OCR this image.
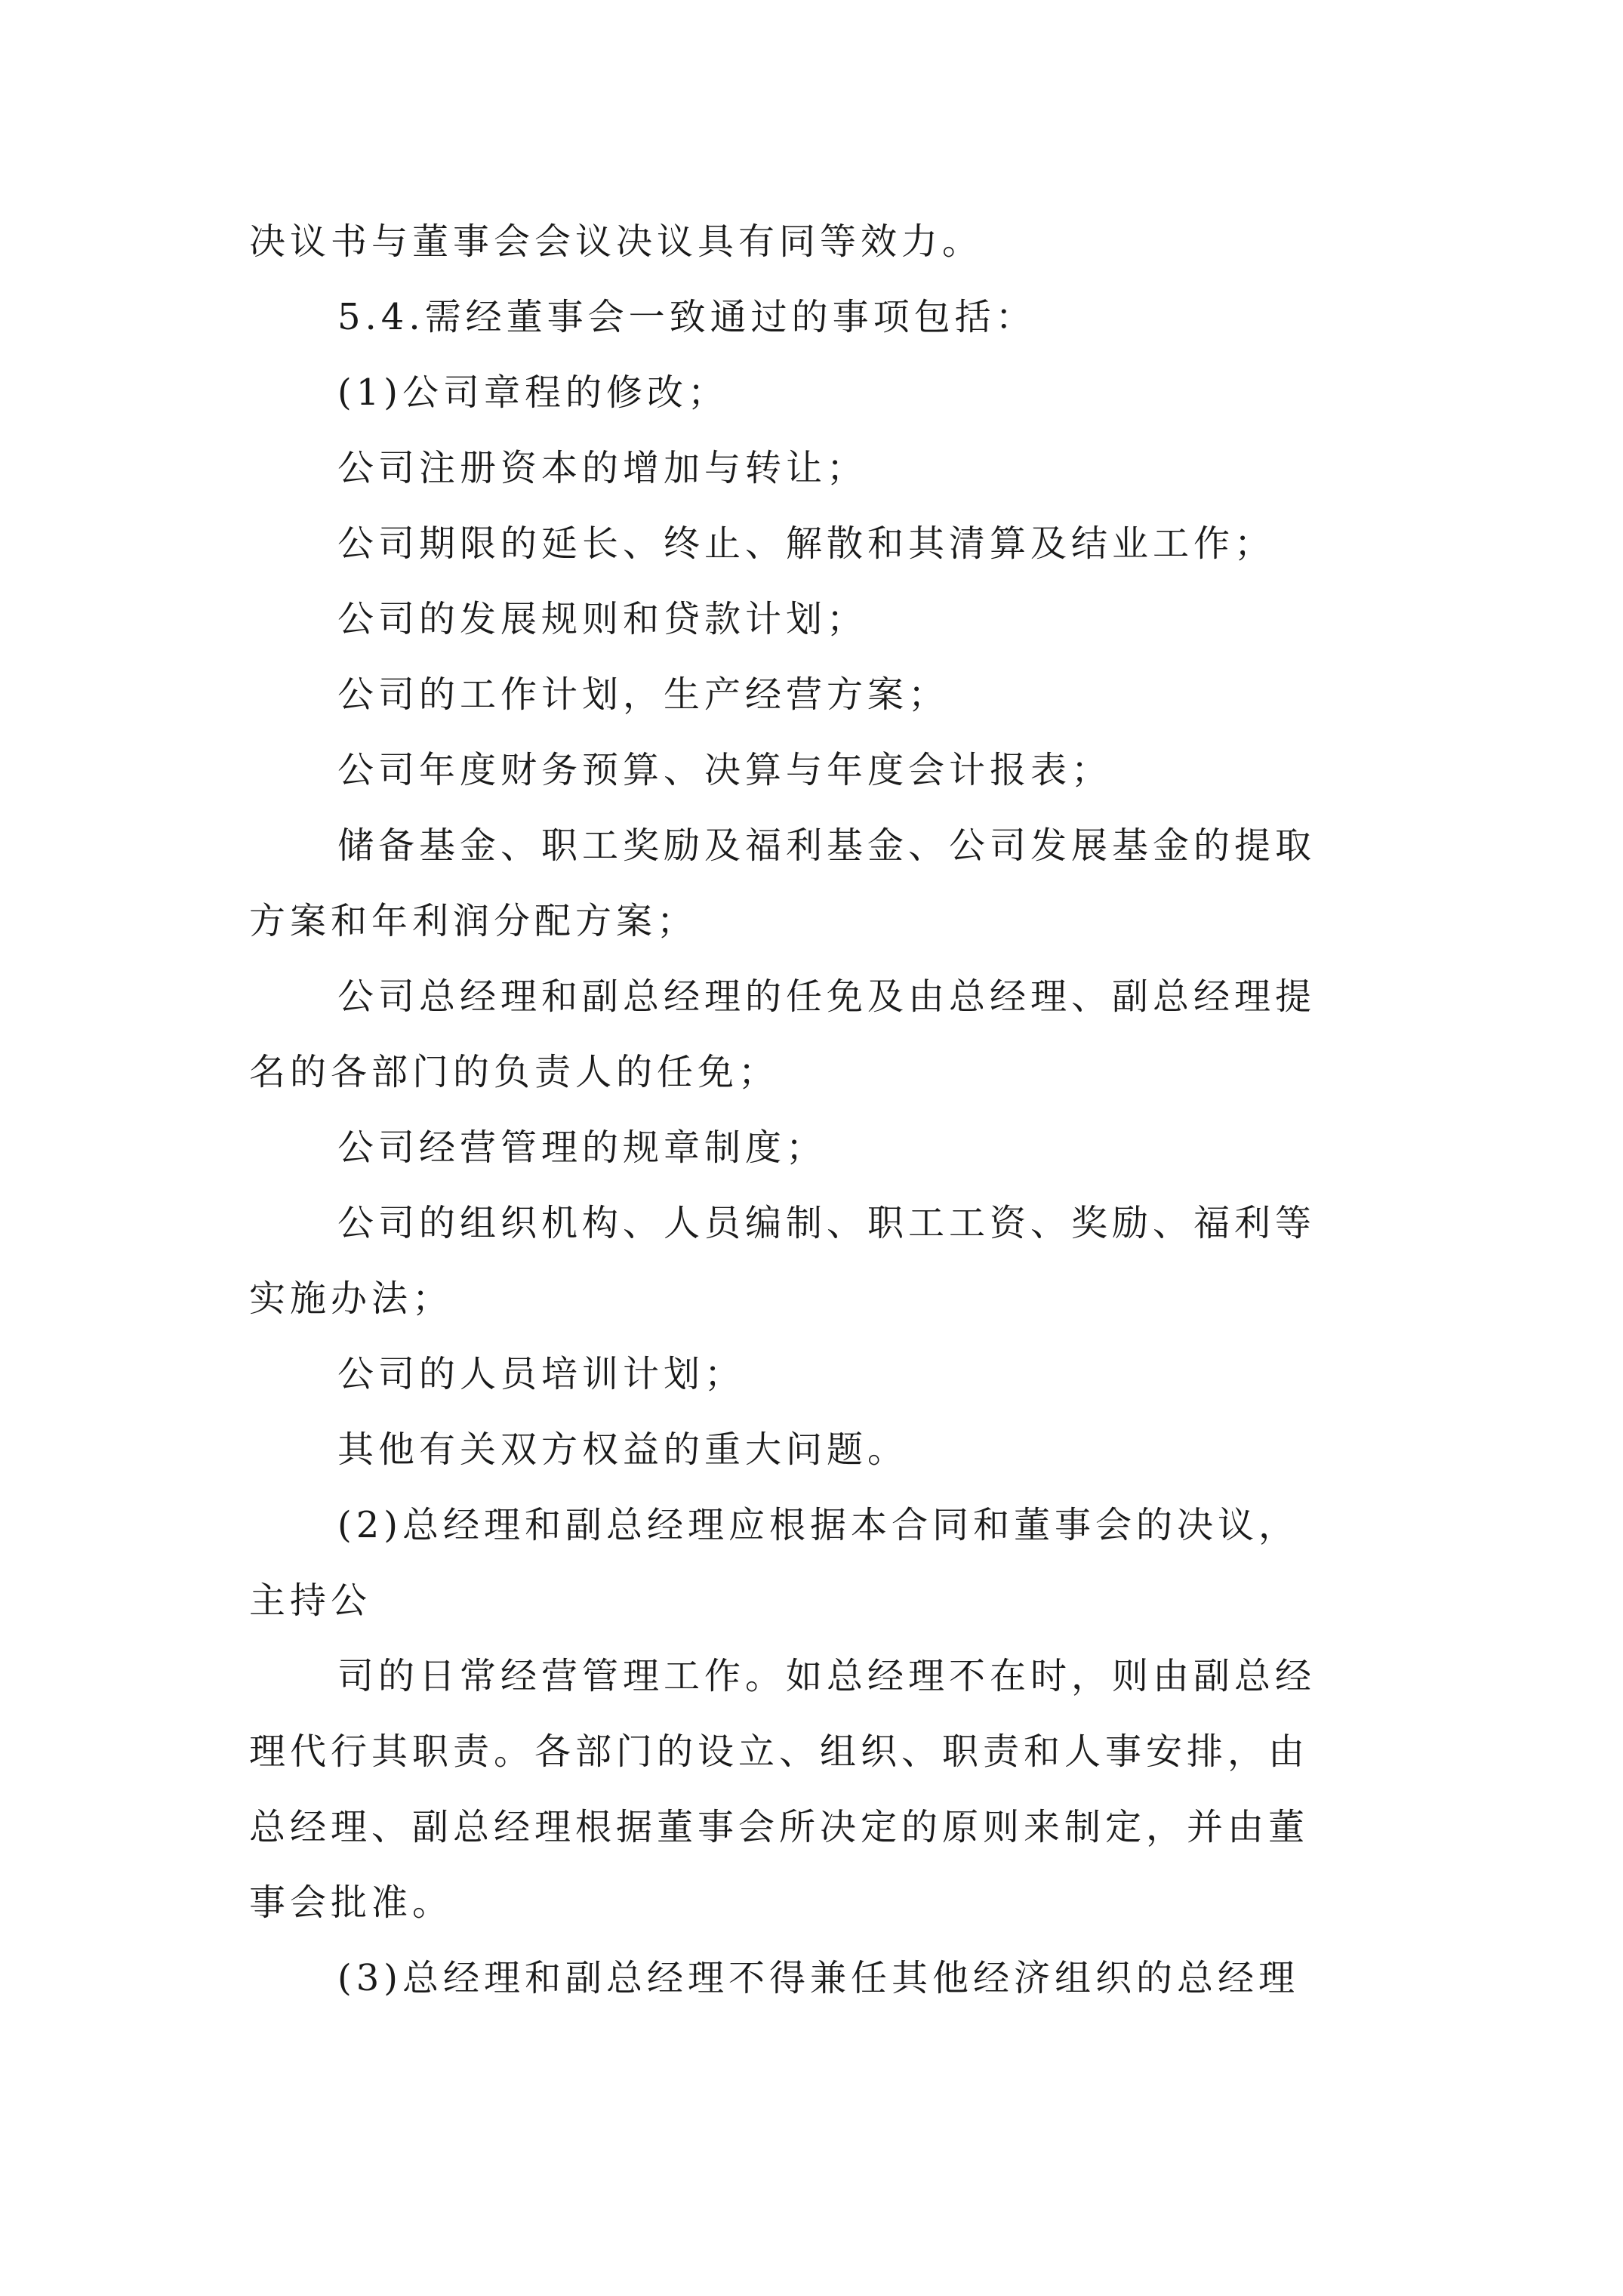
决议书与董事会会议决议具有同等效力。

5.4.需经董事会一致通过的事项包括：

(1)公司章程的修改；

公司注册资本的增加与转让；

公司期限的延长、终止、解散和其清算及结业工作；

公司的发展规则和贷款计划；

公司的工作计划，生产经营方案；

公司年度财务预算、决算与年度会计报表；

储备基金、职工奖励及福利基金、公司发展基金的提取

方案和年利润分配方案；

公司总经理和副总经理的任免及由总经理、副总经理提

名的各部门的负责人的任免；

公司经营管理的规章制度；

公司的组织机构、人员编制、职工工资、奖励、福利等

实施办法；

公司的人员培训计划；

其他有关双方权益的重大问题。

(2)总经理和副总经理应根据本合同和董事会的决议，

主持公

司的日常经营管理工作。如总经理不在时，则由副总经

理代行其职责。各部门的设立、组织、职责和人事安排，由

总经理、副总经理根据董事会所决定的原则来制定，并由董

事会批准。

(3)总经理和副总经理不得兼任其他经济组织的总经理
